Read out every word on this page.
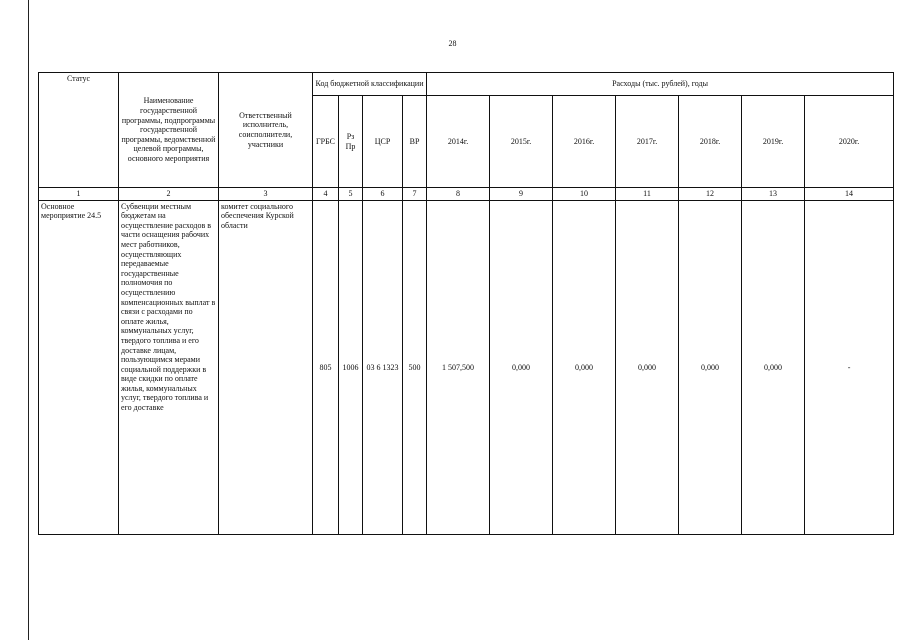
28
Статус	Наименование государственной программы, подпрограммы государственной программы, ведомственной целевой программы, основного мероприятия	Ответственный исполнитель, соисполнители, участники	Код бюджетной классификации				Расходы (тыс. рублей), годы						
			ГРБС	Рз Пр	ЦСР	ВР	2014г.	2015г.	2016г.	2017г.	2018г.	2019г.	2020г.
1	2	3	4	5	6	7	8	9	10	11	12	13	14
Основное мероприятие 24.5	Субвенции местным бюджетам на осуществление расходов в части оснащения рабочих мест работников, осуществляющих передаваемые государственные полномочия по осуществлению компенсационных выплат в связи с расходами по оплате жилья, коммунальных услуг, твердого топлива и его доставке лицам, пользующимся мерами социальной поддержки в виде скидки по оплате жилья, коммунальных услуг, твердого топлива и его доставке	комитет социального обеспечения Курской области	805	1006	03 6 1323	500	1 507,500	0,000	0,000	0,000	0,000	0,000	-
